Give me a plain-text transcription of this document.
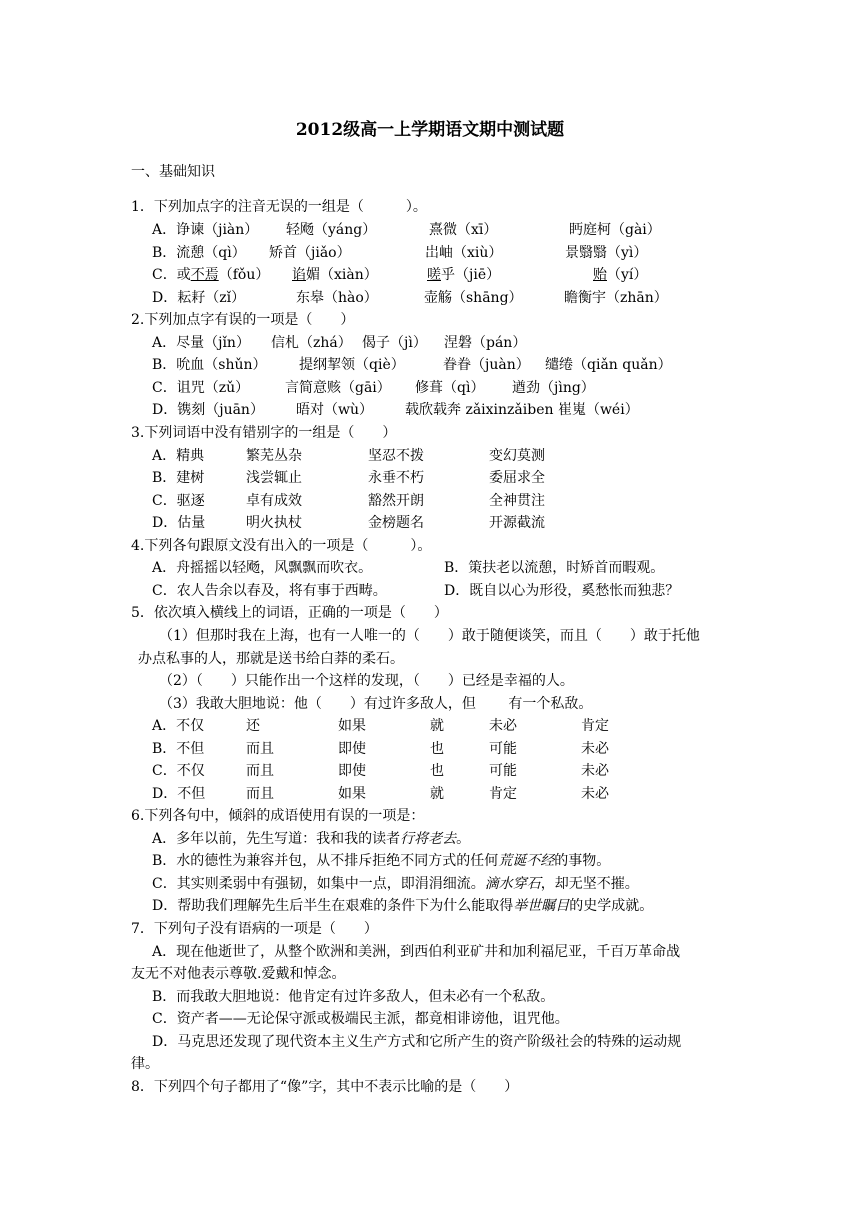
2012级高一上学期语文期中测试题
一、基础知识
1．下列加点字的注音无误的一组是（　　　）。
A．诤谏（jiàn） 轻飏（yáng）	熹微（xī）	眄庭柯（gài）
B．流憩（qì） 矫首（jiǎo）	岀岫（xiù）	景翳翳（yì）
C．或不焉（fǒu） 谄媚（xiàn）	嗟乎（jiē）	贻（yí）
D．耘耔（zǐ）	东皋（hào）	壶觞（shāng）	瞻衡宇（zhān）
2.下列加点字有误的一项是（　　）
A．尽量（jǐn） 信札（zhá） 偈子（jì） 涅磐（pán）
B．吮血（shǔn） 提纲挈领（qiè）	眷眷（juàn） 缱绻（qiǎn quǎn）
C．诅咒（zǔ）	言简意赅（gāi） 修葺（qì） 遒劲（jìng）
D．镌刻（juān） 晤对（wù） 载欣载奔 zǎixinzǎiben 崔嵬（wéi）
3.下列词语中没有错别字的一组是（　　）
A．精典	繁芜丛杂	坚忍不拨	变幻莫测
B．建树	浅尝辄止	永垂不朽	委屈求全
C．驱逐	卓有成效	豁然开朗	全神贯注
D．估量	明火执杖	金榜题名	开源截流
4.下列各句跟原文没有出入的一项是（　　　）。
A．舟摇摇以轻飏，风飘飘而吹衣。	B．策扶老以流憩，时矫首而暇观。
C．农人告余以春及，将有事于西畴。	D．既自以心为形役，奚愁怅而独悲？
5．依次填入横线上的词语，正确的一项是（　　）
（1）但那时我在上海，也有一人唯一的（　　）敢于随便谈笑，而且（　　）敢于托他
办点私事的人，那就是送书给白莽的柔石。
（2）（　　）只能作出一个这样的发现，（　　）已经是幸福的人。
（3）我敢大胆地说：他（　　）有过许多敌人，但　　 有一个私敌。
A．不仅	还	如果	就	未必	肯定
B．不但	而且	即使	也	可能	未必
C．不仅	而且	即使	也	可能	未必
D．不但	而且	如果	就	肯定	未必
6.下列各句中，倾斜的成语使用有误的一项是：
A．多年以前，先生写道：我和我的读者行将老去。
B．水的德性为兼容并包，从不排斥拒绝不同方式的任何荒诞不经的事物。
C．其实则柔弱中有强韧，如集中一点，即涓涓细流。滴水穿石，却无坚不摧。
D．帮助我们理解先生后半生在艰难的条件下为什么能取得举世瞩目的史学成就。
7．下列句子没有语病的一项是（　　）
A．现在他逝世了，从整个欧洲和美洲，到西伯利亚矿井和加利福尼亚，千百万革命战
友无不对他表示尊敬.爱戴和悼念。
B．而我敢大胆地说：他肯定有过许多敌人，但未必有一个私敌。
C．资产者——无论保守派或极端民主派，都竟相诽谤他，诅咒他。
D．马克思还发现了现代资本主义生产方式和它所产生的资产阶级社会的特殊的运动规
律。
8．下列四个句子都用了“像”字，其中不表示比喻的是（　　）
